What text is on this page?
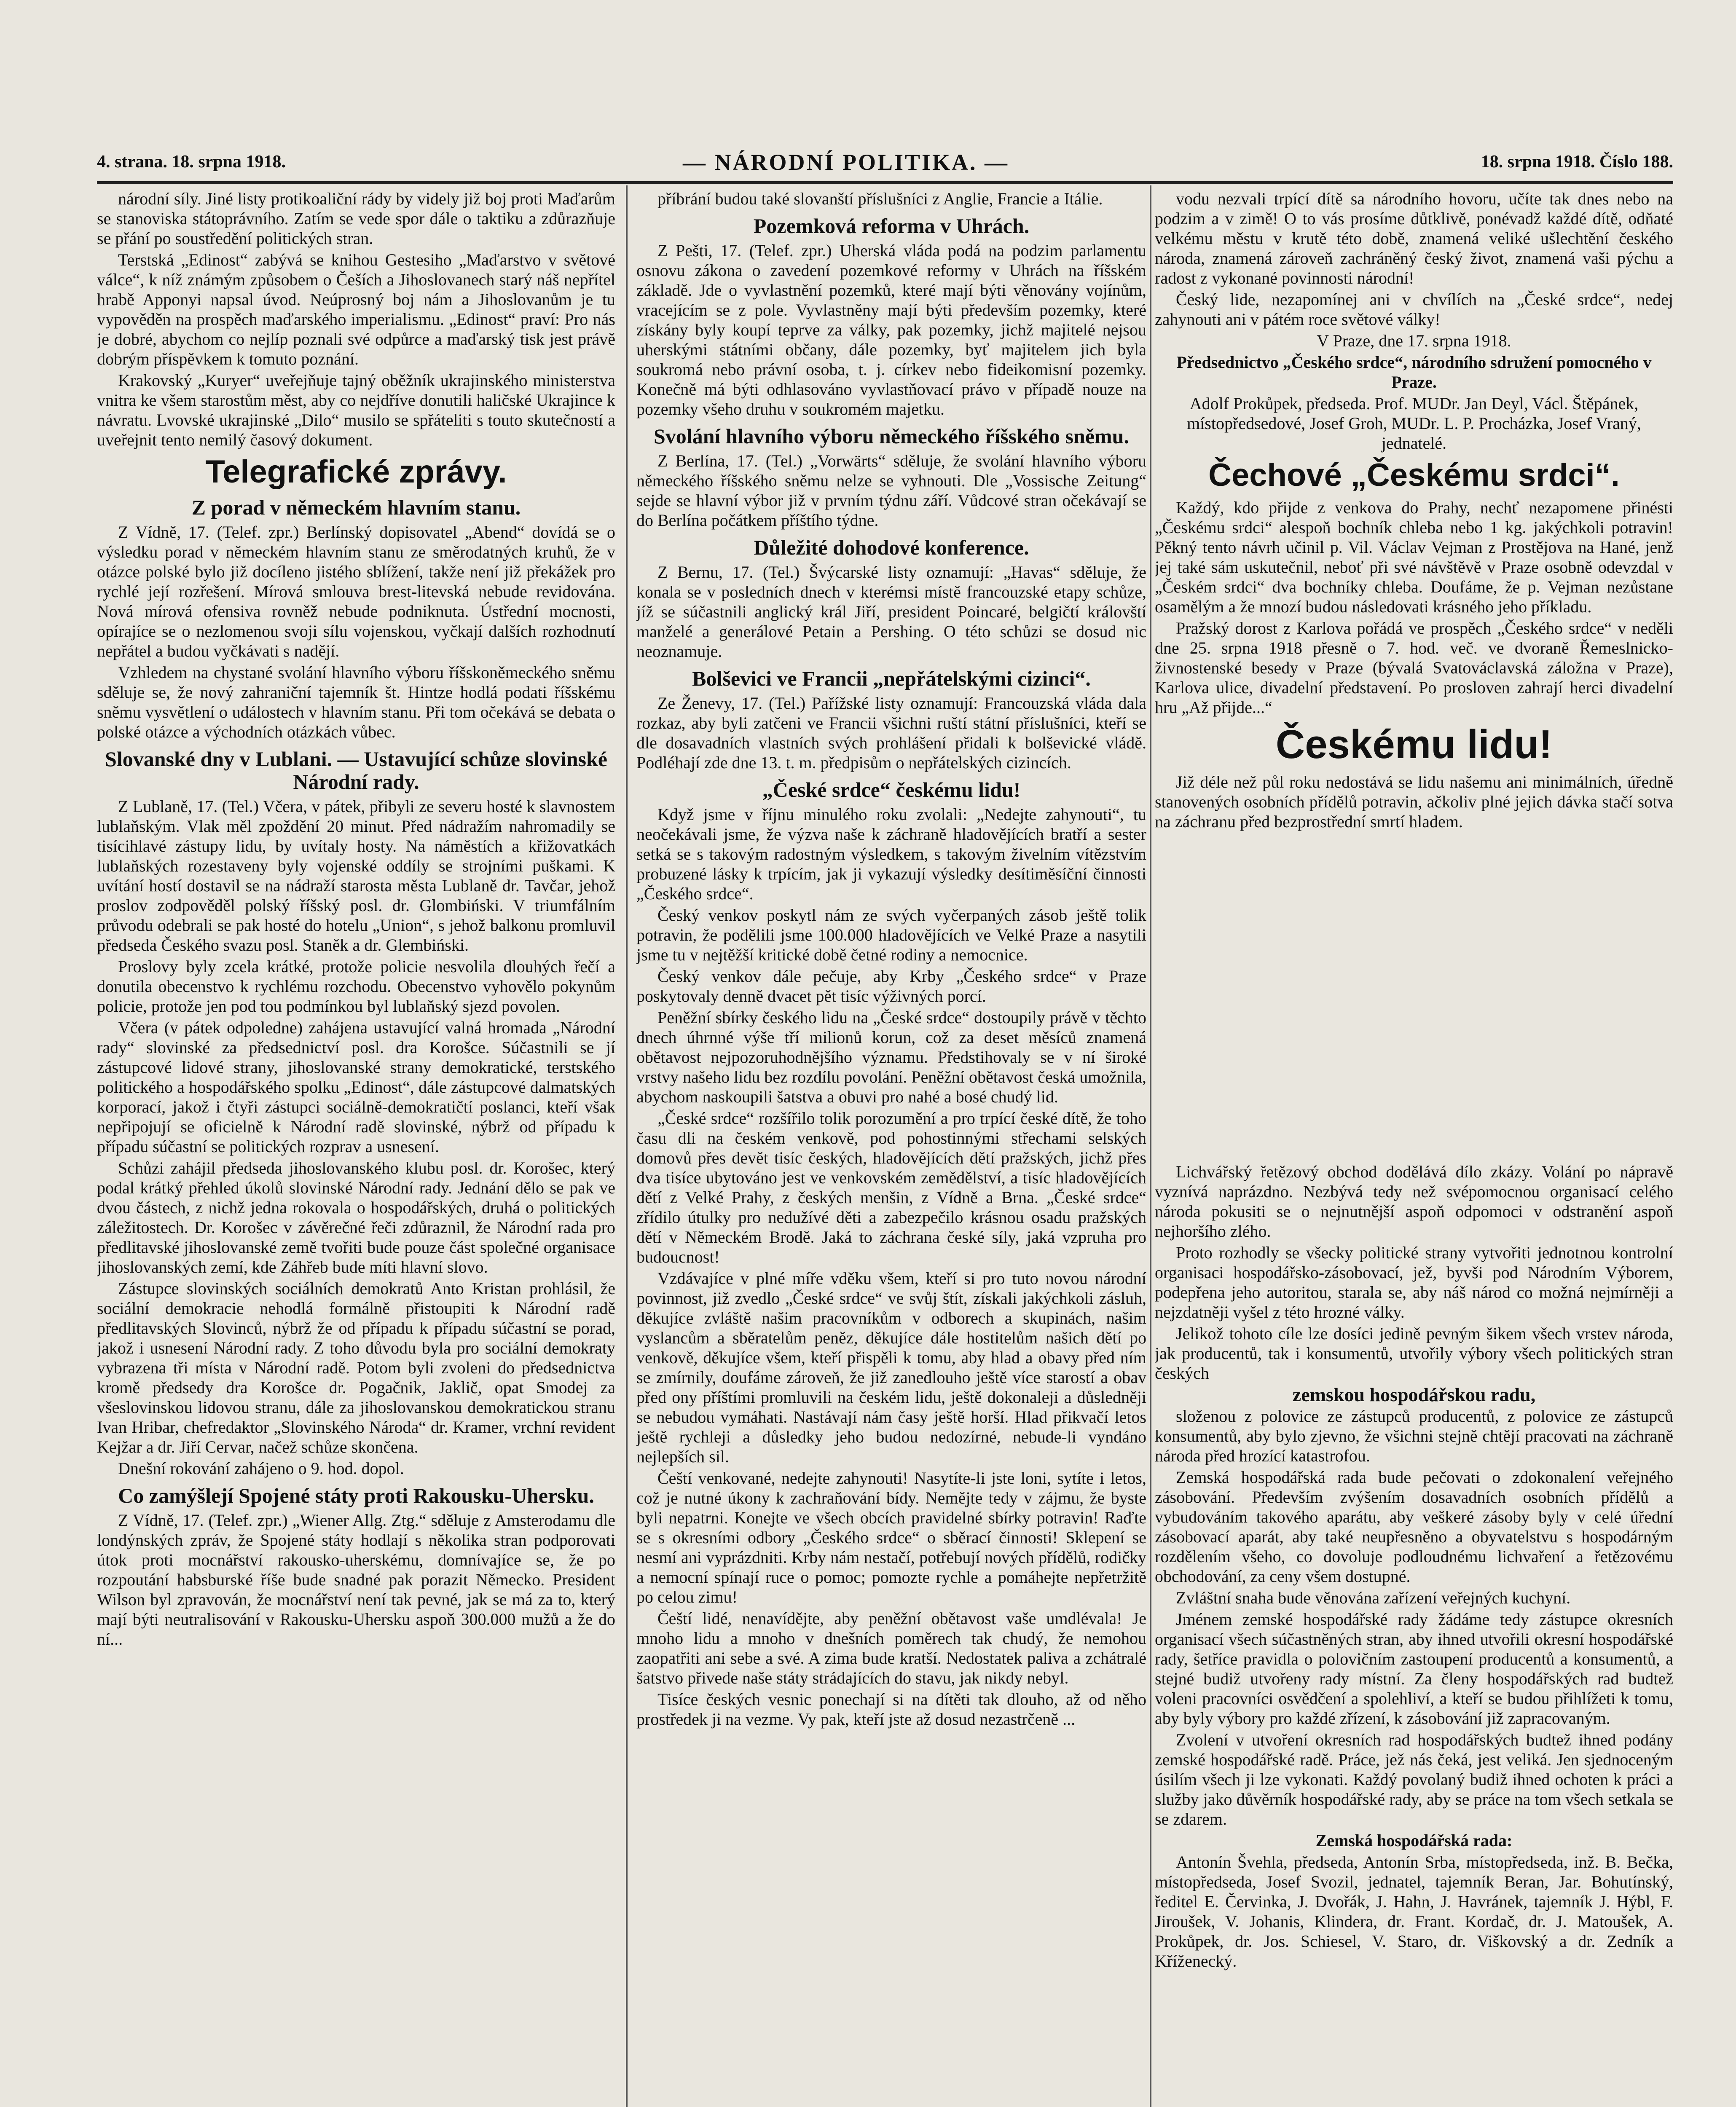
4. strana. 18. srpna 1918.	— NÁRODNÍ POLITIKA. —	18. srpna 1918. Číslo 188.

národní síly. Jiné listy protikoaliční rády by videly již boj proti Maďarům se stanoviska státoprávního. Zatím se vede spor dále o taktiku a zdůrazňuje se přání po soustředění politických stran.

Terstská „Edinost“ zabývá se knihou Gestesiho „Maďarstvo v světové válce“, k níž známým způsobem o Češích a Jihoslovanech starý náš nepřítel hrabě Apponyi napsal úvod. Neúprosný boj nám a Jihoslovanům je tu vypověděn na prospěch maďarského imperialismu. „Edinost“ praví: Pro nás je dobré, abychom co nejlíp poznali své odpůrce a maďarský tisk jest právě dobrým příspěvkem k tomuto poznání.

Krakovský „Kuryer“ uveřejňuje tajný oběžník ukrajinského ministerstva vnitra ke všem starostům měst, aby co nejdříve donutili haličské Ukrajince k návratu. Lvovské ukrajinské „Dilo“ musilo se spřáteliti s touto skutečností a uveřejnit tento nemilý časový dokument.

Telegrafické zprávy.
Z porad v německém hlavním stanu.

Z Vídně, 17. (Telef. zpr.) Berlínský dopisovatel „Abend“ dovídá se o výsledku porad v německém hlavním stanu ze směrodatných kruhů, že v otázce polské bylo již docíleno jistého sblížení, takže není již překážek pro rychlé její rozřešení. Mírová smlouva brest-litevská nebude revidována. Nová mírová ofensiva rovněž nebude podniknuta. Ústřední mocnosti, opírajíce se o nezlomenou svoji sílu vojenskou, vyčkají dalších rozhodnutí nepřátel a budou vyčkávati s nadějí.

Vzhledem na chystané svolání hlavního výboru říšskoněmeckého sněmu sděluje se, že nový zahraniční tajemník št. Hintze hodlá podati říšskému sněmu vysvětlení o událostech v hlavním stanu. Při tom očekává se debata o polské otázce a východních otázkách vůbec.

Slovanské dny v Lublani. — Ustavující schůze slovinské Národní rady.

Z Lublaně, 17. (Tel.) Včera, v pátek, přibyli ze severu hosté k slavnostem lublaňským. Vlak měl zpoždění 20 minut. Před nádražím nahromadily se tisícihlavé zástupy lidu, by uvítaly hosty. Na náměstích a křižovatkách lublaňských rozestaveny byly vojenské oddíly se strojními puškami. K uvítání hostí dostavil se na nádraží starosta města Lublaně dr. Tavčar, jehož proslov zodpověděl polský říšský posl. dr. Glombiński. V triumfálním průvodu odebrali se pak hosté do hotelu „Union“, s jehož balkonu promluvil předseda Českého svazu posl. Staněk a dr. Glembiński.

Proslovy byly zcela krátké, protože policie nesvolila dlouhých řečí a donutila obecenstvo k rychlému rozchodu. Obecenstvo vyhovělo pokynům policie, protože jen pod tou podmínkou byl lublaňský sjezd povolen.

Včera (v pátek odpoledne) zahájena ustavující valná hromada „Národní rady“ slovinské za předsednictví posl. dra Korošce. Súčastnili se jí zástupcové lidové strany, jihoslovanské strany demokratické, terstského politického a hospodářského spolku „Edinost“, dále zástupcové dalmatských korporací, jakož i čtyři zástupci sociálně-demokratičtí poslanci, kteří však nepřipojují se oficielně k Národní radě slovinské, nýbrž od případu k případu súčastní se politických rozprav a usnesení.

Schůzi zahájil předseda jihoslovanského klubu posl. dr. Korošec, který podal krátký přehled úkolů slovinské Národní rady. Jednání dělo se pak ve dvou částech, z nichž jedna rokovala o hospodářských, druhá o politických záležitostech. Dr. Korošec v závěrečné řeči zdůraznil, že Národní rada pro předlitavské jihoslovanské země tvořiti bude pouze část společné organisace jihoslovanských zemí, kde Záhřeb bude míti hlavní slovo.

Zástupce slovinských sociálních demokratů Anto Kristan prohlásil, že sociální demokracie nehodlá formálně přistoupiti k Národní radě předlitavských Slovinců, nýbrž že od případu k případu súčastní se porad, jakož i usnesení Národní rady. Z toho důvodu byla pro sociální demokraty vybrazena tři místa v Národní radě. Potom byli zvoleni do předsednictva kromě předsedy dra Korošce dr. Pogačnik, Jaklič, opat Smodej za všeslovinskou lidovou stranu, dále za jihoslovanskou demokratickou stranu Ivan Hribar, chefredaktor „Slovinského Národa“ dr. Kramer, vrchní revident Kejžar a dr. Jiří Cervar, načež schůze skončena.

Dnešní rokování zahájeno o 9. hod. dopol.

Co zamýšlejí Spojené státy proti Rakousku-Uhersku.

Z Vídně, 17. (Telef. zpr.) „Wiener Allg. Ztg.“ sděluje z Amsterodamu dle londýnských zpráv, že Spojené státy hodlají s několika stran podporovati útok proti mocnářství rakousko-uherskému, domnívajíce se, že po rozpoutání habsburské říše bude snadné pak porazit Německo. President Wilson byl zpravován, že mocnářství není tak pevné, jak se má za to, který mají býti neutralisování v Rakousku-Uhersku aspoň 300.000 mužů a že do ní...

příbrání budou také slovanští příslušníci z Anglie, Francie a Itálie.

Pozemková reforma v Uhrách.

Z Pešti, 17. (Telef. zpr.) Uherská vláda podá na podzim parlamentu osnovu zákona o zavedení pozemkové reformy v Uhrách na říšském základě. Jde o vyvlastnění pozemků, které mají býti věnovány vojínům, vracejícím se z pole. Vyvlastněny mají býti především pozemky, které získány byly koupí teprve za války, pak pozemky, jichž majitelé nejsou uherskými státními občany, dále pozemky, byť majitelem jich byla soukromá nebo právní osoba, t. j. církev nebo fideikomisní pozemky. Konečně má býti odhlasováno vyvlastňovací právo v případě nouze na pozemky všeho druhu v soukromém majetku.

Svolání hlavního výboru německého říšského sněmu.

Z Berlína, 17. (Tel.) „Vorwärts“ sděluje, že svolání hlavního výboru německého říšského sněmu nelze se vyhnouti. Dle „Vossische Zeitung“ sejde se hlavní výbor již v prvním týdnu září. Vůdcové stran očekávají se do Berlína počátkem příštího týdne.

Důležité dohodové konference.

Z Bernu, 17. (Tel.) Švýcarské listy oznamují: „Havas“ sděluje, že konala se v posledních dnech v kterémsi místě francouzské etapy schůze, jíž se súčastnili anglický král Jiří, president Poincaré, belgičtí královští manželé a generálové Petain a Pershing. O této schůzi se dosud nic neoznamuje.

Bolševici ve Francii „nepřátelskými cizinci“.

Ze Ženevy, 17. (Tel.) Pařížské listy oznamují: Francouzská vláda dala rozkaz, aby byli zatčeni ve Francii všichni ruští státní příslušníci, kteří se dle dosavadních vlastních svých prohlášení přidali k bolševické vládě. Podléhají zde dne 13. t. m. předpisům o nepřátelských cizincích.

„České srdce“ českému lidu!

Když jsme v říjnu minulého roku zvolali: „Nedejte zahynouti“, tu neočekávali jsme, že výzva naše k záchraně hladovějících bratří a sester setká se s takovým radostným výsledkem, s takovým živelním vítězstvím probuzené lásky k trpícím, jak ji vykazují výsledky desítiměsíční činnosti „Českého srdce“.

Český venkov poskytl nám ze svých vyčerpaných zásob ještě tolik potravin, že podělili jsme 100.000 hladovějících ve Velké Praze a nasytili jsme tu v nejtěžší kritické době četné rodiny a nemocnice.

Český venkov dále pečuje, aby Krby „Českého srdce“ v Praze poskytovaly denně dvacet pět tisíc výživných porcí.

Peněžní sbírky českého lidu na „České srdce“ dostoupily právě v těchto dnech úhrnné výše tří milionů korun, což za deset měsíců znamená obětavost nejpozoruhodnějšího významu. Předstihovaly se v ní široké vrstvy našeho lidu bez rozdílu povolání. Peněžní obětavost česká umožnila, abychom naskoupili šatstva a obuvi pro nahé a bosé chudý lid.

„České srdce“ rozšířilo tolik porozumění a pro trpící české dítě, že toho času dli na českém venkově, pod pohostinnými střechami selských domovů přes devět tisíc českých, hladovějících dětí pražských, jichž přes dva tisíce ubytováno jest ve venkovském zemědělství, a tisíc hladovějících dětí z Velké Prahy, z českých menšin, z Vídně a Brna. „České srdce“ zřídilo útulky pro nedužívé děti a zabezpečilo krásnou osadu pražských dětí v Německém Brodě. Jaká to záchrana české síly, jaká vzpruha pro budoucnost!

Vzdávajíce v plné míře vděku všem, kteří si pro tuto novou národní povinnost, již zvedlo „České srdce“ ve svůj štít, získali jakýchkoli zásluh, děkujíce zvláště našim pracovníkům v odborech a skupinách, našim vyslancům a sběratelům peněz, děkujíce dále hostitelům našich dětí po venkově, děkujíce všem, kteří přispěli k tomu, aby hlad a obavy před ním se zmírnily, doufáme zároveň, že již zanedlouho ještě více starostí a obav před ony příštími promluvili na českém lidu, ještě dokonaleji a důsledněji se nebudou vymáhati. Nastávají nám časy ještě horší. Hlad přikvačí letos ještě rychleji a důsledky jeho budou nedozírné, nebude-li vyndáno nejlepších sil.

Čeští venkované, nedejte zahynouti! Nasytíte-li jste loni, sytíte i letos, což je nutné úkony k zachraňování bídy. Nemějte tedy v zájmu, že byste byli nepatrni. Konejte ve všech obcích pravidelné sbírky potravin! Raďte se s okresními odbory „Českého srdce“ o sběrací činnosti! Sklepení se nesmí ani vyprázdniti. Krby nám nestačí, potřebují nových přídělů, rodičky a nemocní spínají ruce o pomoc; pomozte rychle a pomáhejte nepřetržitě po celou zimu!

Čeští lidé, nenavídějte, aby peněžní obětavost vaše umdlévala! Je mnoho lidu a mnoho v dnešních poměrech tak chudý, že nemohou zaopatřiti ani sebe a své. A zima bude kratší. Nedostatek paliva a zchátralé šatstvo přivede naše státy strádajících do stavu, jak nikdy nebyl.

Tisíce českých vesnic ponechají si na dítěti tak dlouho, až od něho prostředek ji na vezme. Vy pak, kteří jste až dosud nezastrčeně ...

vodu nezvali trpící dítě sa národního hovoru, učíte tak dnes nebo na podzim a v zimě! O to vás prosíme důtklivě, ponévadž každé dítě, odňaté velkému městu v krutě této době, znamená veliké ušlechtění českého národa, znamená zároveň zachráněný český život, znamená vaši pýchu a radost z vykonané povinnosti národní!

Český lide, nezapomínej ani v chvílích na „České srdce“, nedej zahynouti ani v pátém roce světové války!

V Praze, dne 17. srpna 1918.

Předsednictvo „Českého srdce“, národního sdružení pomocného v Praze.

Adolf Prokůpek, předseda. Prof. MUDr. Jan Deyl, Václ. Štěpánek, místopředsedové, Josef Groh, MUDr. L. P. Procházka, Josef Vraný, jednatelé.

Čechové „Českému srdci“.

Každý, kdo přijde z venkova do Prahy, nechť nezapomene přinésti „Českému srdci“ alespoň bochník chleba nebo 1 kg. jakýchkoli potravin! Pěkný tento návrh učinil p. Vil. Václav Vejman z Prostějova na Hané, jenž jej také sám uskutečnil, neboť při své návštěvě v Praze osobně odevzdal v „Českém srdci“ dva bochníky chleba. Doufáme, že p. Vejman nezůstane osamělým a že mnozí budou následovati krásného jeho příkladu.

Pražský dorost z Karlova pořádá ve prospěch „Českého srdce“ v neděli dne 25. srpna 1918 přesně o 7. hod. več. ve dvoraně Řemeslnicko-živnostenské besedy v Praze (bývalá Svatováclavská záložna v Praze), Karlova ulice, divadelní představení. Po prosloven zahrají herci divadelní hru „Až přijde...“

Českému lidu!

Již déle než půl roku nedostává se lidu našemu ani minimálních, úředně stanovených osobních přídělů potravin, ačkoliv plné jejich dávka stačí sotva na záchranu před bezprostřední smrtí hladem.

Lichvářský řetězový obchod dodělává dílo zkázy. Volání po nápravě vyznívá naprázdno. Nezbývá tedy než svépomocnou organisací celého národa pokusiti se o nejnutnější aspoň odpomoci v odstranění aspoň nejhoršího zlého.

Proto rozhodly se všecky politické strany vytvořiti jednotnou kontrolní organisaci hospodářsko-zásobovací, jež, byvši pod Národním Výborem, podepřena jeho autoritou, starala se, aby náš národ co možná nejmírněji a nejzdatněji vyšel z této hrozné války.

Jelikož tohoto cíle lze dosíci jedině pevným šikem všech vrstev národa, jak producentů, tak i konsumentů, utvořily výbory všech politických stran českých

zemskou hospodářskou radu,

složenou z polovice ze zástupců producentů, z polovice ze zástupců konsumentů, aby bylo zjevno, že všichni stejně chtějí pracovati na záchraně národa před hrozící katastrofou.

Zemská hospodářská rada bude pečovati o zdokonalení veřejného zásobování. Především zvýšením dosavadních osobních přídělů a vybudováním takového aparátu, aby veškeré zásoby byly v celé úřední zásobovací aparát, aby také neupřesněno a obyvatelstvu s hospodárným rozdělením všeho, co dovoluje podloudnému lichvaření a řetězovému obchodování, za ceny všem dostupné.

Zvláštní snaha bude věnována zařízení veřejných kuchyní.

Jménem zemské hospodářské rady žádáme tedy zástupce okresních organisací všech súčastněných stran, aby ihned utvořili okresní hospodářské rady, šetříce pravidla o polovičním zastoupení producentů a konsumentů, a stejné budiž utvořeny rady místní. Za členy hospodářských rad budtež voleni pracovníci osvědčení a spolehliví, a kteří se budou přihlížeti k tomu, aby byly výbory pro každé zřízení, k zásobování již zapracovaným.

Zvolení v utvoření okresních rad hospodářských budtež ihned podány zemské hospodářské radě. Práce, jež nás čeká, jest veliká. Jen sjednoceným úsilím všech ji lze vykonati. Každý povolaný budiž ihned ochoten k práci a služby jako důvěrník hospodářské rady, aby se práce na tom všech setkala se se zdarem.

Zemská hospodářská rada:

Antonín Švehla, předseda, Antonín Srba, místopředseda, inž. B. Bečka, místopředseda, Josef Svozil, jednatel, tajemník Beran, Jar. Bohutínský, ředitel E. Červinka, J. Dvořák, J. Hahn, J. Havránek, tajemník J. Hýbl, F. Jiroušek, V. Johanis, Klindera, dr. Frant. Kordač, dr. J. Matoušek, A. Prokůpek, dr. Jos. Schiesel, V. Staro, dr. Viškovský a dr. Zedník a Kříženecký.
